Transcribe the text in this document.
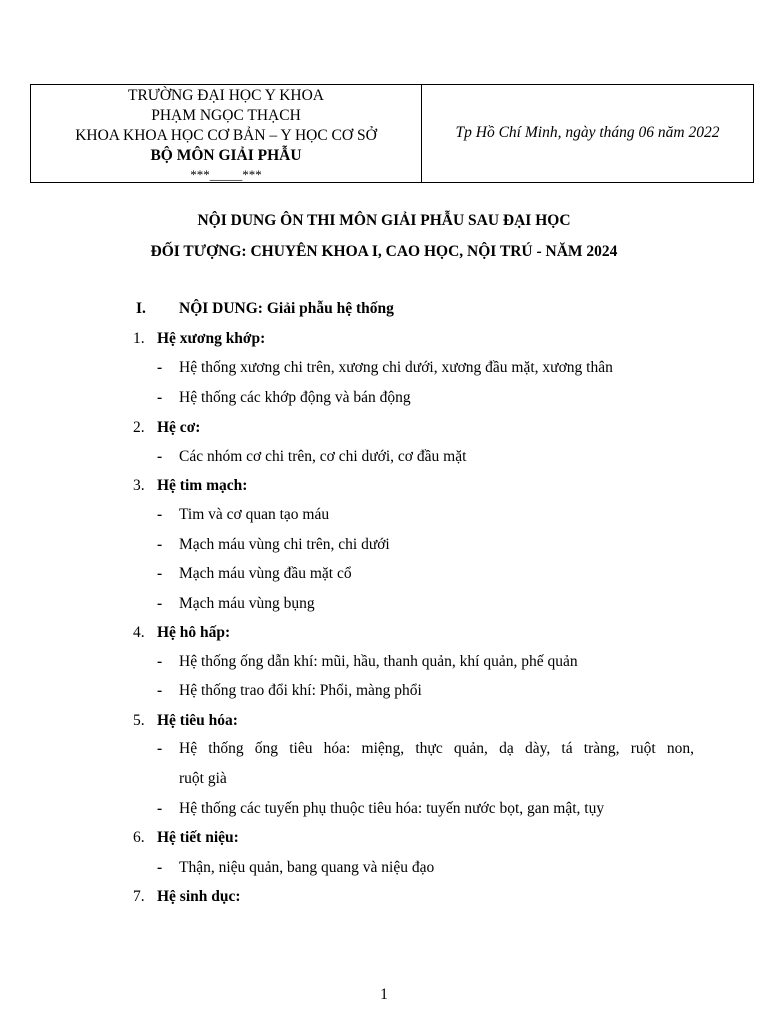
TRƯỜNG ĐẠI HỌC Y KHOA
PHẠM NGỌC THẠCH
KHOA KHOA HỌC CƠ BẢN – Y HỌC CƠ SỞ
BỘ MÔN GIẢI PHẪU
***_____***
Tp Hồ Chí Minh, ngày tháng 06 năm 2022
NỘI DUNG ÔN THI MÔN GIẢI PHẪU SAU ĐẠI HỌC
ĐỐI TƯỢNG: CHUYÊN KHOA I, CAO HỌC, NỘI TRÚ - NĂM 2024
I. NỘI DUNG: Giải phẫu hệ thống
1. Hệ xương khớp:
- Hệ thống xương chi trên, xương chi dưới, xương đầu mặt, xương thân
- Hệ thống các khớp động và bán động
2. Hệ cơ:
- Các nhóm cơ chi trên, cơ chi dưới, cơ đầu mặt
3. Hệ tim mạch:
- Tim và cơ quan tạo máu
- Mạch máu vùng chi trên, chi dưới
- Mạch máu vùng đầu mặt cổ
- Mạch máu vùng bụng
4. Hệ hô hấp:
- Hệ thống ống dẫn khí: mũi, hầu, thanh quản, khí quản, phế quản
- Hệ thống trao đổi khí: Phổi, màng phổi
5. Hệ tiêu hóa:
- Hệ thống ống tiêu hóa: miệng, thực quản, dạ dày, tá tràng, ruột non,
ruột già
- Hệ thống các tuyến phụ thuộc tiêu hóa: tuyến nước bọt, gan mật, tụy
6. Hệ tiết niệu:
- Thận, niệu quản, bang quang và niệu đạo
7. Hệ sinh dục:
1
